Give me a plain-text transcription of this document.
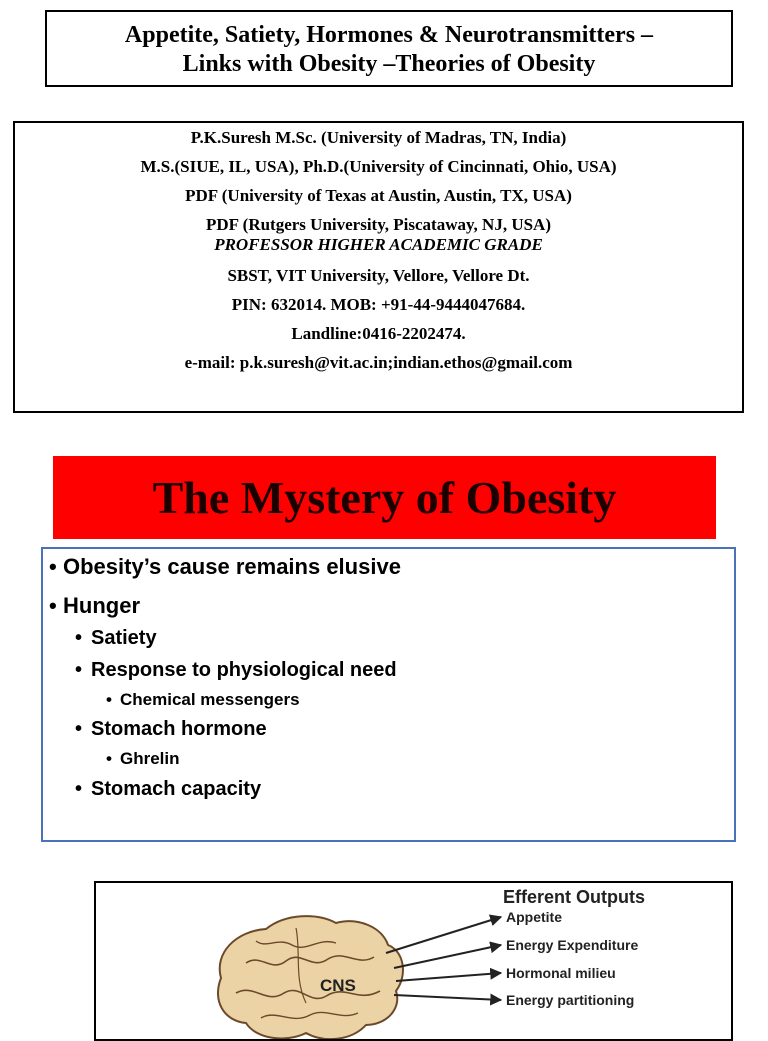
Appetite, Satiety, Hormones & Neurotransmitters –
Links with Obesity –Theories of Obesity
P.K.Suresh M.Sc. (University of Madras, TN, India)
M.S.(SIUE, IL, USA), Ph.D.(University of Cincinnati, Ohio, USA)
PDF (University of Texas at Austin, Austin, TX, USA)
PDF (Rutgers University, Piscataway, NJ, USA)
PROFESSOR HIGHER ACADEMIC GRADE
SBST, VIT University, Vellore, Vellore Dt.
PIN: 632014. MOB: +91-44-9444047684.
Landline:0416-2202474.
e-mail: p.k.suresh@vit.ac.in;indian.ethos@gmail.com
The Mystery of Obesity
• Obesity’s cause remains elusive
• Hunger
• Satiety
• Response to physiological need
• Chemical messengers
• Stomach hormone
• Ghrelin
• Stomach capacity
CNS
Efferent Outputs
Appetite
Energy Expenditure
Hormonal milieu
Energy partitioning
